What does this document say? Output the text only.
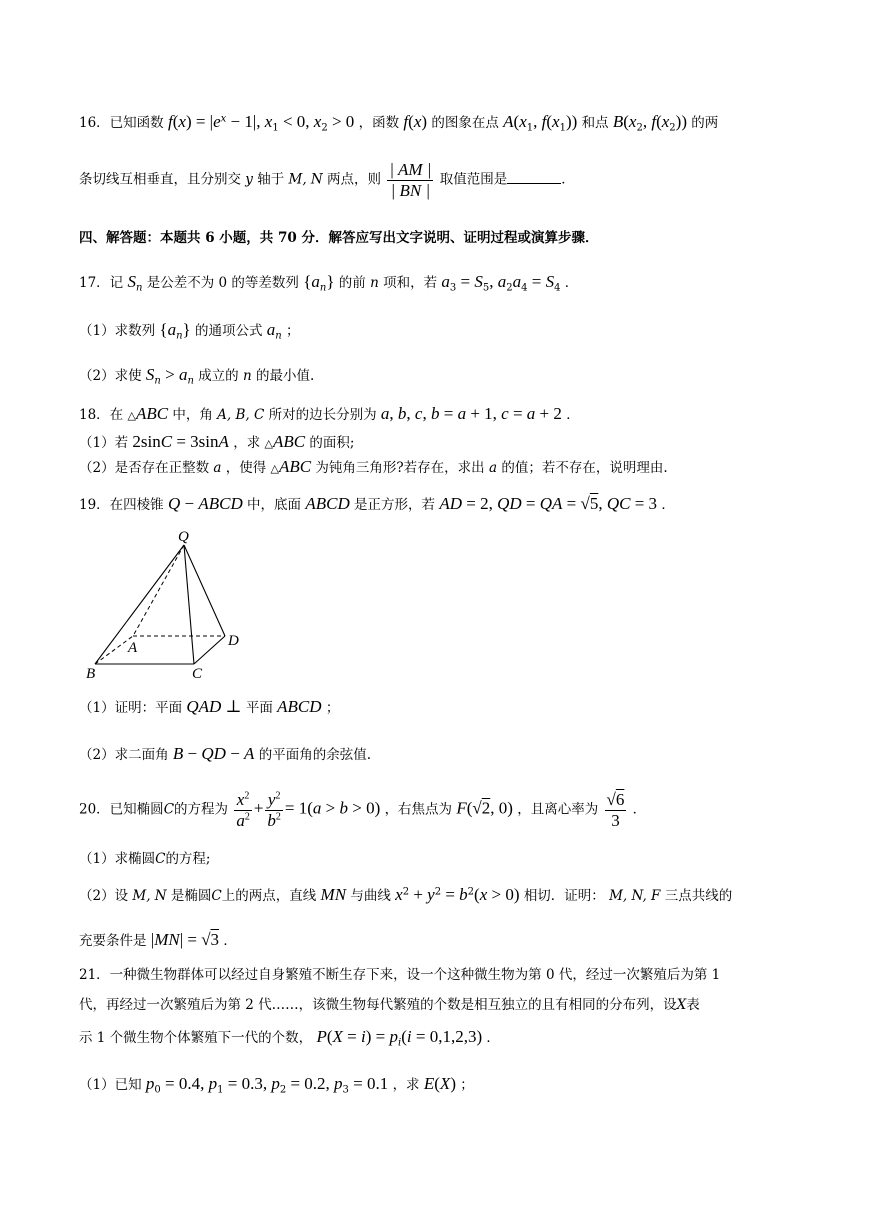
16．已知函数 $f(x) = |e^x - 1|$, $x_1 < 0$, $x_2 > 0$ ，函数 f(x) 的图象在点 $A(x_1$, $f(x_1)$) 和点 $B(x_2$, $f(x_2)$) 的两
条切线互相垂直，且分别交 y 轴于 M, N 两点，则 $\frac{| AM |}{| BN |}$ 取值范围是	．
四、解答题：本题共 6 小题，共 70 分．解答应写出文字说明、证明过程或演算步骤．
17．记 $S_n$ 是公差不为 0 的等差数列 $\{a_n\}$ 的前 n 项和，若 $a_3 = S_5$, $a_2a_4 = S_4$ ．
（1）求数列 $\{a_n\}$ 的通项公式 $a_n$ ；
（2）求使 $S_n > a_n$ 成立的 n 的最小值.
18．在 △ABC 中，角 A, B, C 所对的边长分别为 a, b, c, b = a + 1, c = a + 2 ．
（1）若 2sinC = 3sinA ，求 △ABC 的面积;
（2）是否存在正整数 a ，使得 △ABC 为钝角三角形?若存在，求出 a 的值；若不存在，说明理由.
19．在四棱锥 Q − ABCD 中，底面 ABCD 是正方形，若 AD = 2, QD = QA = √5, QC = 3 ．
Q
A	D
B	C
（1）证明：平面 QAD ⊥ 平面 ABCD ；
（2）求二面角 B − QD − A 的平面角的余弦值.
20．已知椭圆C的方程为 $\frac{x^2}{a^2} + \frac{y^2}{b^2} = 1(a > b > 0)$ ，右焦点为 F(√2, 0) ，且离心率为 $\frac{√6}{3}$ ．
（1）求椭圆C的方程;
（2）设 M, N 是椭圆C上的两点，直线 MN 与曲线 $x^2 + y^2 = b^2(x > 0)$ 相切．证明： M, N, F 三点共线的
充要条件是 |MN| = √3 ．
21．一种微生物群体可以经过自身繁殖不断生存下来，设一个这种微生物为第 0 代，经过一次繁殖后为第 1
代，再经过一次繁殖后为第 2 代……，该微生物每代繁殖的个数是相互独立的且有相同的分布列，设X表
示 1 个微生物个体繁殖下一代的个数， $P(X = i) = p_i(i = 0,1,2,3)$ ．
（1）已知 $p_0 = 0.4$, $p_1 = 0.3$, $p_2 = 0.2$, $p_3 = 0.1$ ，求 E(X) ；
